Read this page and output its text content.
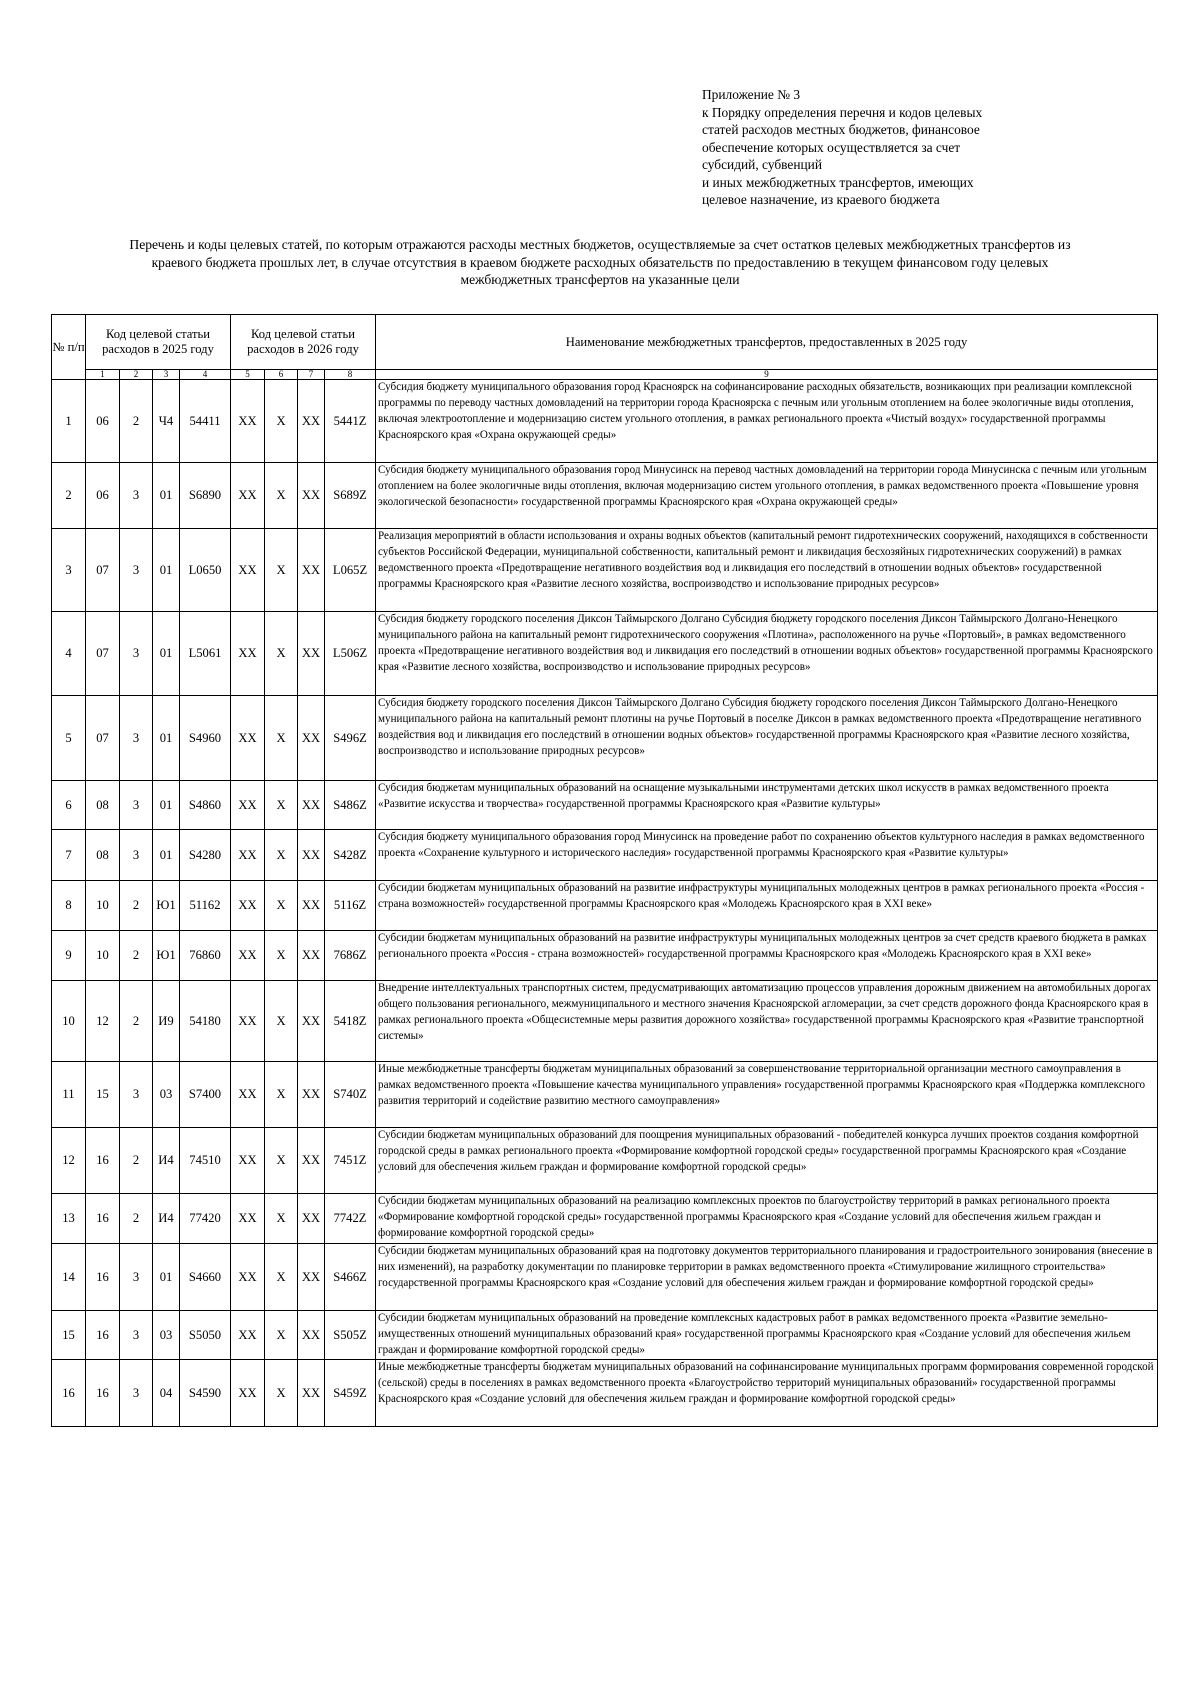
Приложение № 3
к Порядку определения перечня и кодов целевых
статей расходов местных бюджетов, финансовое
обеспечение которых осуществляется за счет
субсидий, субвенций
и иных межбюджетных трансфертов, имеющих
целевое назначение, из краевого бюджета
Перечень и коды целевых статей, по которым отражаются расходы местных бюджетов, осуществляемые за счет остатков целевых межбюджетных трансфертов из
краевого бюджета прошлых лет, в случае отсутствия в краевом бюджете расходных обязательств по предоставлению в текущем финансовом году целевых
межбюджетных трансфертов на указанные цели
№ п/п	Код целевой статьи расходов в 2025 году				Код целевой статьи расходов в 2026 году				Наименование межбюджетных трансфертов, предоставленных в 2025 году
	1	2	3	4	5	6	7	8	9
1	06	2	Ч4	54411	XX	X	XX	5441Z	Субсидия бюджету муниципального образования город Красноярск на софинансирование расходных обязательств, возникающих при реализации комплексной программы по переводу частных домовладений на территории города Красноярска с печным или угольным отоплением на более экологичные виды отопления, включая электроотопление и модернизацию систем угольного отопления, в рамках регионального проекта «Чистый воздух» государственной программы Красноярского края «Охрана окружающей среды»
2	06	3	01	S6890	XX	X	XX	S689Z	Субсидия бюджету муниципального образования город Минусинск на перевод частных домовладений на территории города Минусинска с печным или угольным отоплением на более экологичные виды отопления, включая модернизацию систем угольного отопления, в рамках ведомственного проекта «Повышение уровня экологической безопасности» государственной программы Красноярского края «Охрана окружающей среды»
3	07	3	01	L0650	XX	X	XX	L065Z	Реализация мероприятий в области использования и охраны водных объектов (капитальный ремонт гидротехнических сооружений, находящихся в собственности субъектов Российской Федерации, муниципальной собственности, капитальный ремонт и ликвидация бесхозяйных гидротехнических сооружений) в рамках ведомственного проекта «Предотвращение негативного воздействия вод и ликвидация его последствий в отношении водных объектов» государственной программы Красноярского края «Развитие лесного хозяйства, воспроизводство и использование природных ресурсов»
4	07	3	01	L5061	XX	X	XX	L506Z	Субсидия бюджету городского поселения Диксон Таймырского Долгано Субсидия бюджету городского поселения Диксон Таймырского Долгано-Ненецкого муниципального района на капитальный ремонт гидротехнического сооружения «Плотина», расположенного на ручье «Портовый», в рамках ведомственного проекта «Предотвращение негативного воздействия вод и ликвидация его последствий в отношении водных объектов» государственной программы Красноярского края «Развитие лесного хозяйства, воспроизводство и использование природных ресурсов»
5	07	3	01	S4960	XX	X	XX	S496Z	Субсидия бюджету городского поселения Диксон Таймырского Долгано Субсидия бюджету городского поселения Диксон Таймырского Долгано-Ненецкого муниципального района на капитальный ремонт плотины на ручье Портовый в поселке Диксон в рамках ведомственного проекта «Предотвращение негативного воздействия вод и ликвидация его последствий в отношении водных объектов» государственной программы Красноярского края «Развитие лесного хозяйства, воспроизводство и использование природных ресурсов»
6	08	3	01	S4860	XX	X	XX	S486Z	Субсидия бюджетам муниципальных образований на оснащение музыкальными инструментами детских школ искусств в рамках ведомственного проекта «Развитие искусства и творчества» государственной программы Красноярского края «Развитие культуры»
7	08	3	01	S4280	XX	X	XX	S428Z	Субсидия бюджету муниципального образования город Минусинск на проведение работ по сохранению объектов культурного наследия в рамках ведомственного проекта «Сохранение культурного и исторического наследия» государственной программы Красноярского края «Развитие культуры»
8	10	2	Ю1	51162	XX	X	XX	5116Z	Субсидии бюджетам муниципальных образований на развитие инфраструктуры муниципальных молодежных центров в рамках регионального проекта «Россия - страна возможностей» государственной программы Красноярского края «Молодежь Красноярского края в XXI веке»
9	10	2	Ю1	76860	XX	X	XX	7686Z	Субсидии бюджетам муниципальных образований на развитие инфраструктуры муниципальных молодежных центров за счет средств краевого бюджета в рамках регионального проекта «Россия - страна возможностей» государственной программы Красноярского края «Молодежь Красноярского края в XXI веке»
10	12	2	И9	54180	XX	X	XX	5418Z	Внедрение интеллектуальных транспортных систем, предусматривающих автоматизацию процессов управления дорожным движением на автомобильных дорогах общего пользования регионального, межмуниципального и местного значения Красноярской агломерации, за счет средств дорожного фонда Красноярского края в рамках регионального проекта «Общесистемные меры развития дорожного хозяйства» государственной программы Красноярского края «Развитие транспортной системы»
11	15	3	03	S7400	XX	X	XX	S740Z	Иные межбюджетные трансферты бюджетам муниципальных образований за совершенствование территориальной организации местного самоуправления в рамках ведомственного проекта «Повышение качества муниципального управления» государственной программы Красноярского края «Поддержка комплексного развития территорий и содействие развитию местного самоуправления»
12	16	2	И4	74510	XX	X	XX	7451Z	Субсидии бюджетам муниципальных образований для поощрения муниципальных образований - победителей конкурса лучших проектов создания комфортной городской среды в рамках регионального проекта «Формирование комфортной городской среды» государственной программы Красноярского края «Создание условий для обеспечения жильем граждан и формирование комфортной городской среды»
13	16	2	И4	77420	XX	X	XX	7742Z	Субсидии бюджетам муниципальных образований на реализацию комплексных проектов по благоустройству территорий в рамках регионального проекта «Формирование комфортной городской среды» государственной программы Красноярского края «Создание условий для обеспечения жильем граждан и формирование комфортной городской среды»
14	16	3	01	S4660	XX	X	XX	S466Z	Субсидии бюджетам муниципальных образований края на подготовку документов территориального планирования и градостроительного зонирования (внесение в них изменений), на разработку документации по планировке территории в рамках ведомственного проекта «Стимулирование жилищного строительства» государственной программы Красноярского края «Создание условий для обеспечения жильем граждан и формирование комфортной городской среды»
15	16	3	03	S5050	XX	X	XX	S505Z	Субсидии бюджетам муниципальных образований на проведение комплексных кадастровых работ в рамках ведомственного проекта «Развитие земельно-имущественных отношений муниципальных образований края» государственной программы Красноярского края «Создание условий для обеспечения жильем граждан и формирование комфортной городской среды»
16	16	3	04	S4590	XX	X	XX	S459Z	Иные межбюджетные трансферты бюджетам муниципальных образований на софинансирование муниципальных программ формирования современной городской (сельской) среды в поселениях в рамках ведомственного проекта «Благоустройство территорий муниципальных образований» государственной программы Красноярского края «Создание условий для обеспечения жильем граждан и формирование комфортной городской среды»
